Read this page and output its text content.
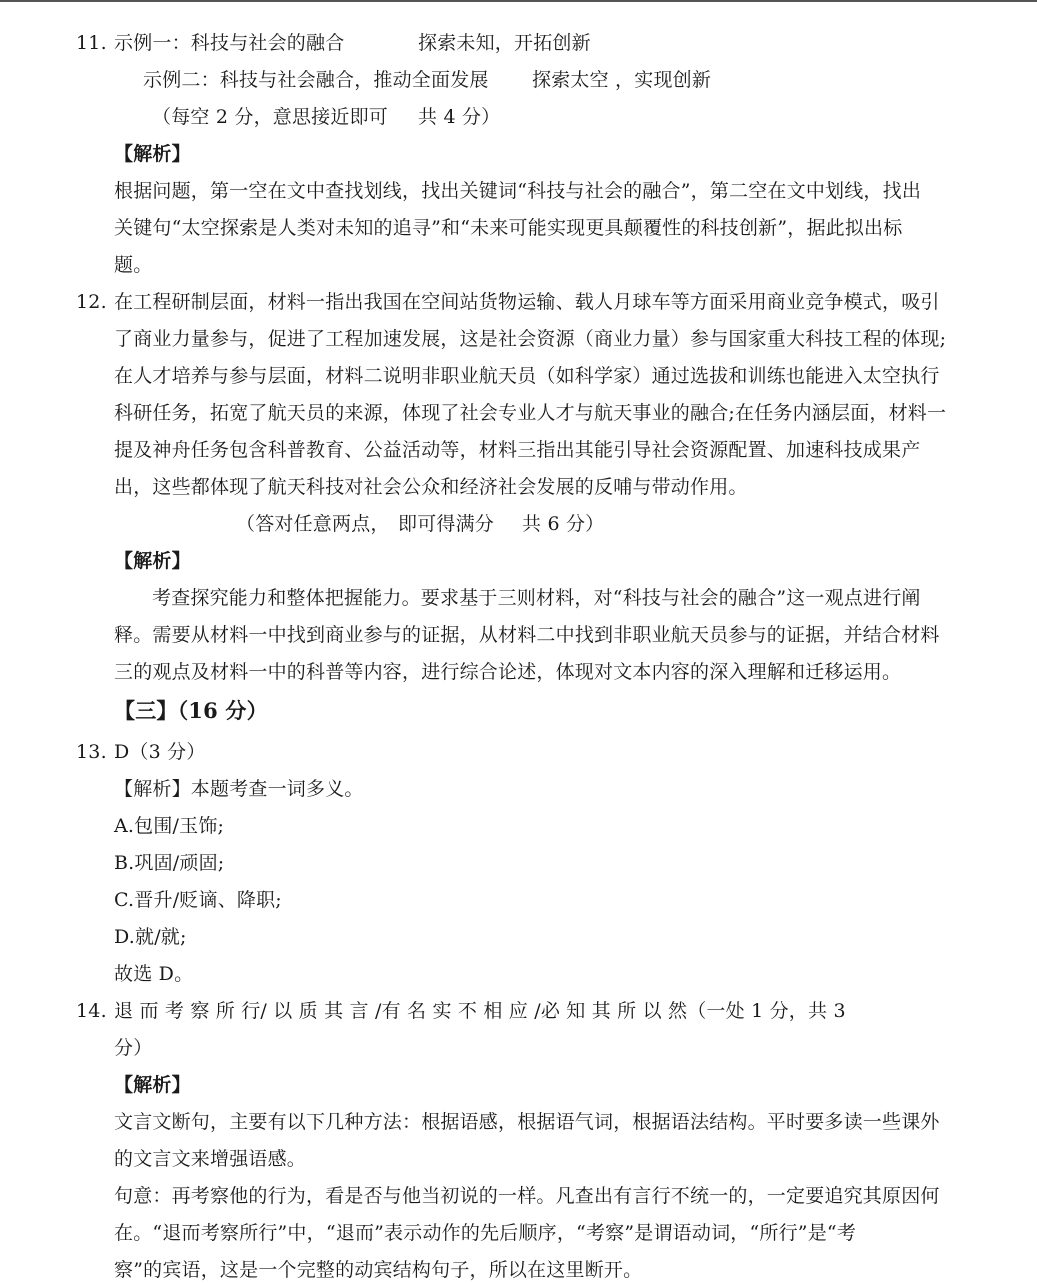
11. 示例一：科技与社会的融合	探索未知，开拓创新
示例二：科技与社会融合，推动全面发展 探索太空 ，实现创新
（每空 2 分，意思接近即可 共 4 分）
【解析】
根据问题，第一空在文中查找划线，找出关键词“科技与社会的融合”，第二空在文中划线，找出
关键句“太空探索是人类对未知的追寻”和“未来可能实现更具颠覆性的科技创新”，据此拟出标
题。
12. 在工程研制层面，材料一指出我国在空间站货物运输、载人月球车等方面采用商业竞争模式，吸引
了商业力量参与，促进了工程加速发展，这是社会资源（商业力量）参与国家重大科技工程的体现;
在人才培养与参与层面，材料二说明非职业航天员（如科学家）通过选拔和训练也能进入太空执行
科研任务，拓宽了航天员的来源，体现了社会专业人才与航天事业的融合;在任务内涵层面，材料一
提及神舟任务包含科普教育、公益活动等，材料三指出其能引导社会资源配置、加速科技成果产
出，这些都体现了航天科技对社会公众和经济社会发展的反哺与带动作用。
（答对任意两点， 即可得满分 共 6 分）
【解析】
考查探究能力和整体把握能力。要求基于三则材料，对“科技与社会的融合”这一观点进行阐
释。需要从材料一中找到商业参与的证据，从材料二中找到非职业航天员参与的证据，并结合材料
三的观点及材料一中的科普等内容，进行综合论述，体现对文本内容的深入理解和迁移运用。
【三】（16 分）
13. D（3 分）
【解析】本题考查一词多义。
A.包围/玉饰;
B.巩固/顽固;
C.晋升/贬谪、降职;
D.就/就;
故选 D。
14. 退 而 考 察 所 行/ 以 质 其 言 /有 名 实 不 相 应 /必 知 其 所 以 然（一处 1 分，共 3
分）
【解析】
文言文断句，主要有以下几种方法：根据语感，根据语气词，根据语法结构。平时要多读一些课外
的文言文来增强语感。
句意：再考察他的行为，看是否与他当初说的一样。凡查出有言行不统一的，一定要追究其原因何
在。“退而考察所行”中，“退而”表示动作的先后顺序，“考察”是谓语动词，“所行”是“考
察”的宾语，这是一个完整的动宾结构句子，所以在这里断开。
